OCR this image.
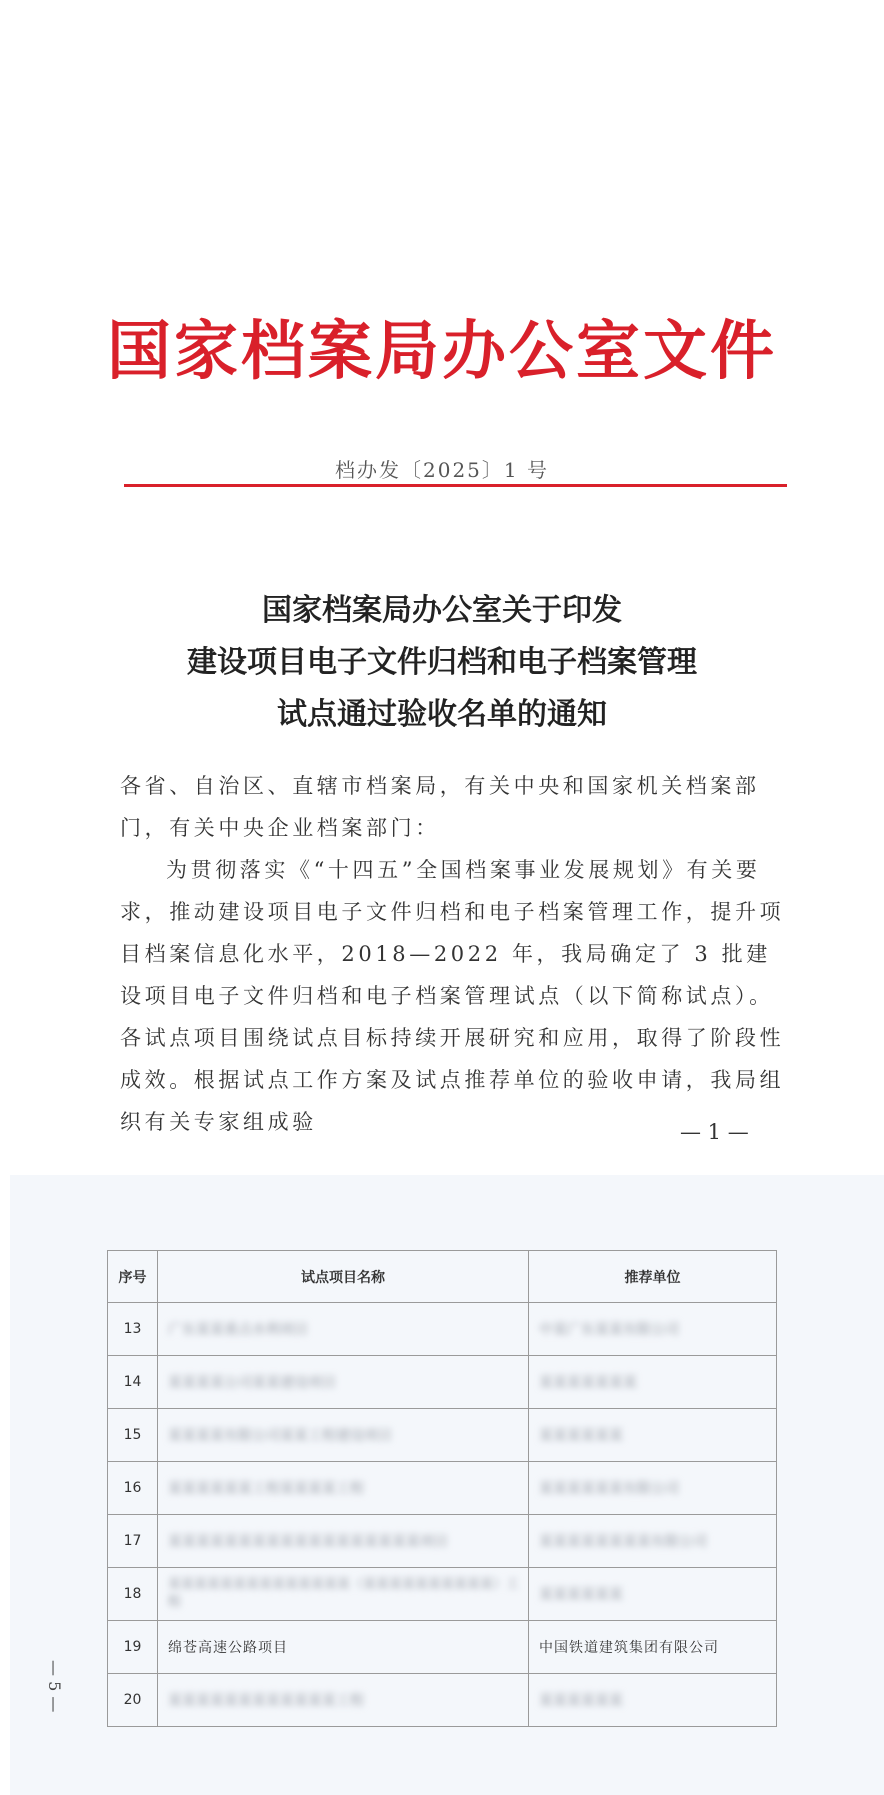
国家档案局办公室文件
档办发〔2025〕1 号
国家档案局办公室关于印发
建设项目电子文件归档和电子档案管理
试点通过验收名单的通知

各省、自治区、直辖市档案局，有关中央和国家机关档案部门，有关中央企业档案部门：

为贯彻落实《“十四五”全国档案事业发展规划》有关要求，推动建设项目电子文件归档和电子档案管理工作，提升项目档案信息化水平，2018—2022 年，我局确定了 3 批建设项目电子文件归档和电子档案管理试点（以下简称试点）。各试点项目围绕试点目标持续开展研究和应用，取得了阶段性成效。根据试点工作方案及试点推荐单位的验收申请，我局组织有关专家组成验	— 1 —
序号	试点项目名称	推荐单位
13	广东某某重点水利项目	中某广东某某有限公司
14	某某某某公司某某建设项目	某某某某某某某
15	某某某某有限公司某某工程建设项目	某某某某某某
16	某某某某某某工程某某某某工程	某某某某某某有限公司
17	某某某某某某某某某某某某某某某某某某项目	某某某某某某某某有限公司
18	某某某某某某某某某某某某某某（某某某某某某某某某某）工程	某某某某某某
19	绵苍高速公路项目	中国铁道建筑集团有限公司
20	某某某某某某某某某某某某工程	某某某某某某
— 5 —
